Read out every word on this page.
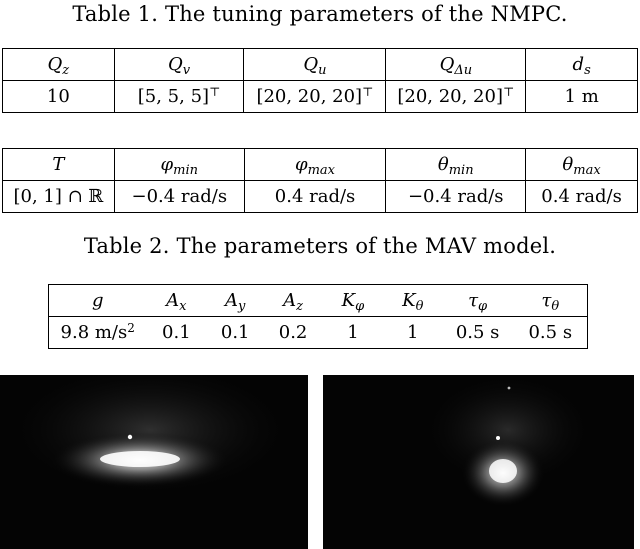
Table 1. The tuning parameters of the NMPC.
$Q_z$	$Q_v$	$Q_u$	$Q_{\Delta u}$	$d_s$
10	[5, 5, 5]⊤	[20, 20, 20]⊤	[20, 20, 20]⊤	1 m
T	$\varphi_{min}$	$\varphi_{max}$	$\theta_{min}$	$\theta_{max}$
[0, 1] ∩ ℝ	−0.4 rad/s	0.4 rad/s	−0.4 rad/s	0.4 rad/s
Table 2. The parameters of the MAV model.
g	$A_x$	$A_y$	$A_z$	$K_\varphi$	$K_\theta$	$\tau_\varphi$	$\tau_\theta$
9.8 $m/s^2$	0.1	0.1	0.2	1	1	0.5 s	0.5 s
